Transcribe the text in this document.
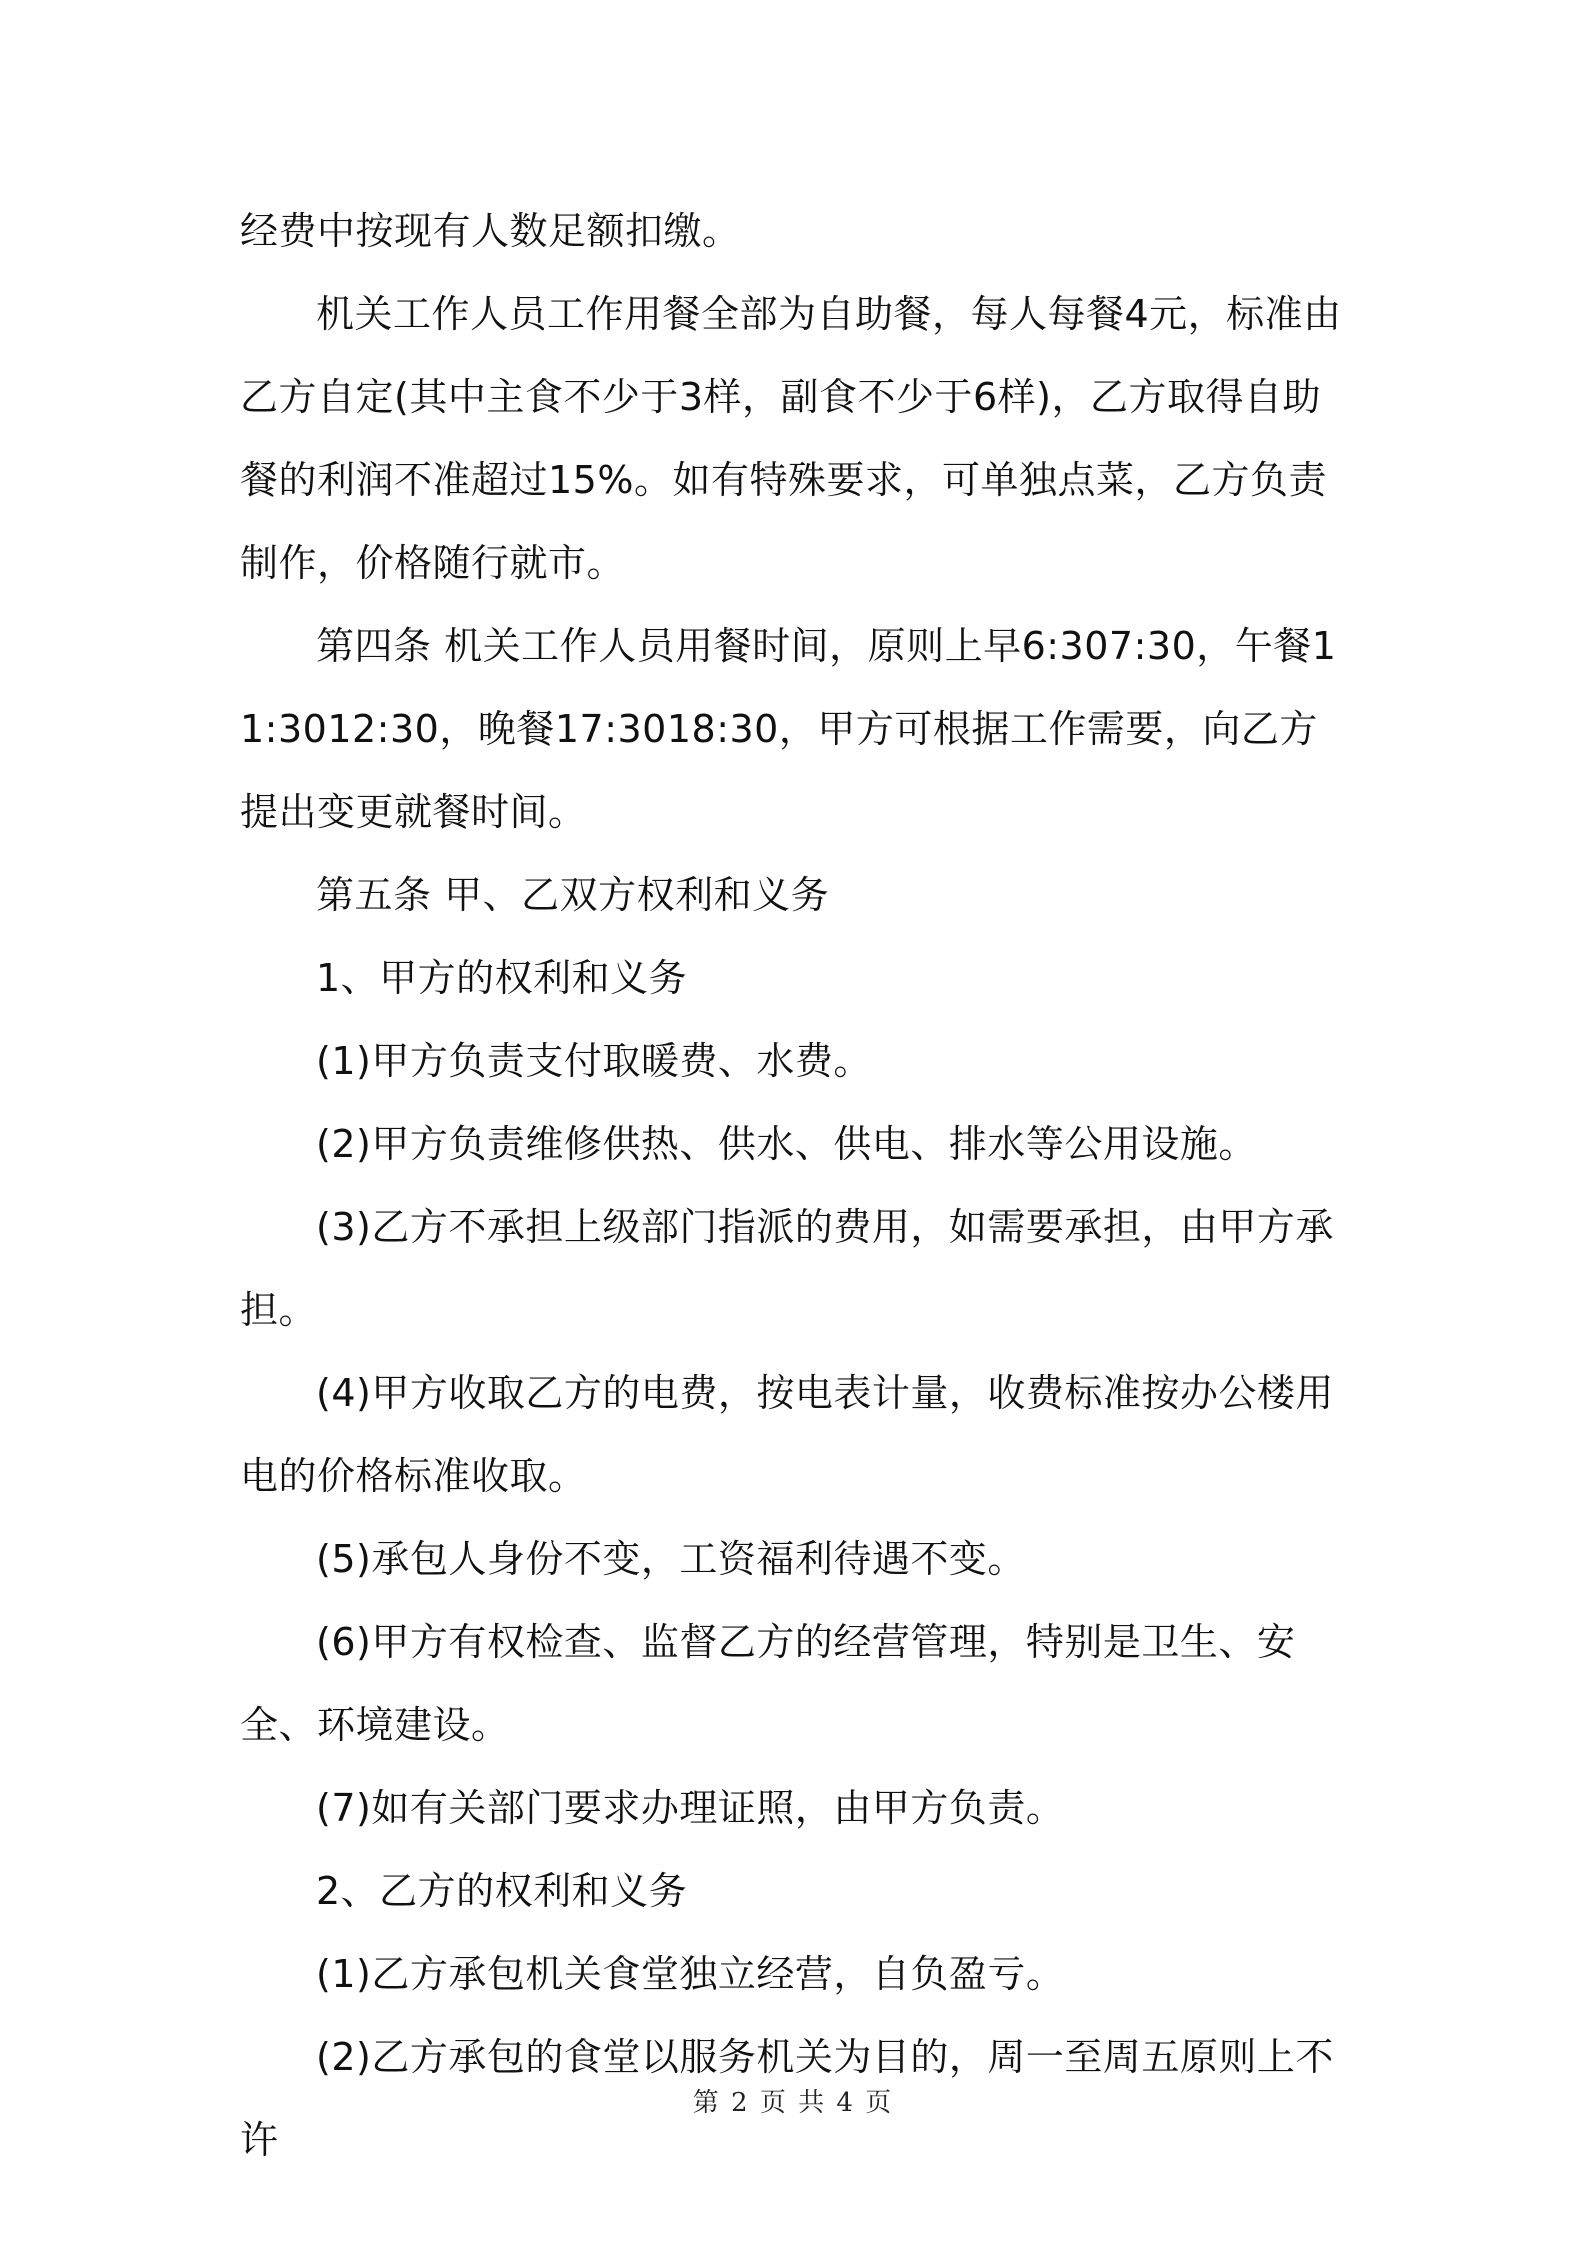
经费中按现有人数足额扣缴。

机关工作人员工作用餐全部为自助餐，每人每餐4元，标准由乙方自定(其中主食不少于3样，副食不少于6样)，乙方取得自助餐的利润不准超过15%。如有特殊要求，可单独点菜，乙方负责制作，价格随行就市。

第四条 机关工作人员用餐时间，原则上早6:307:30，午餐11:3012:30，晚餐17:3018:30，甲方可根据工作需要，向乙方提出变更就餐时间。

第五条 甲、乙双方权利和义务

1、甲方的权利和义务

(1)甲方负责支付取暖费、水费。

(2)甲方负责维修供热、供水、供电、排水等公用设施。

(3)乙方不承担上级部门指派的费用，如需要承担，由甲方承担。

(4)甲方收取乙方的电费，按电表计量，收费标准按办公楼用电的价格标准收取。

(5)承包人身份不变，工资福利待遇不变。

(6)甲方有权检查、监督乙方的经营管理，特别是卫生、安全、环境建设。

(7)如有关部门要求办理证照，由甲方负责。

2、乙方的权利和义务

(1)乙方承包机关食堂独立经营，自负盈亏。

(2)乙方承包的食堂以服务机关为目的，周一至周五原则上不许

第 2 页 共 4 页
